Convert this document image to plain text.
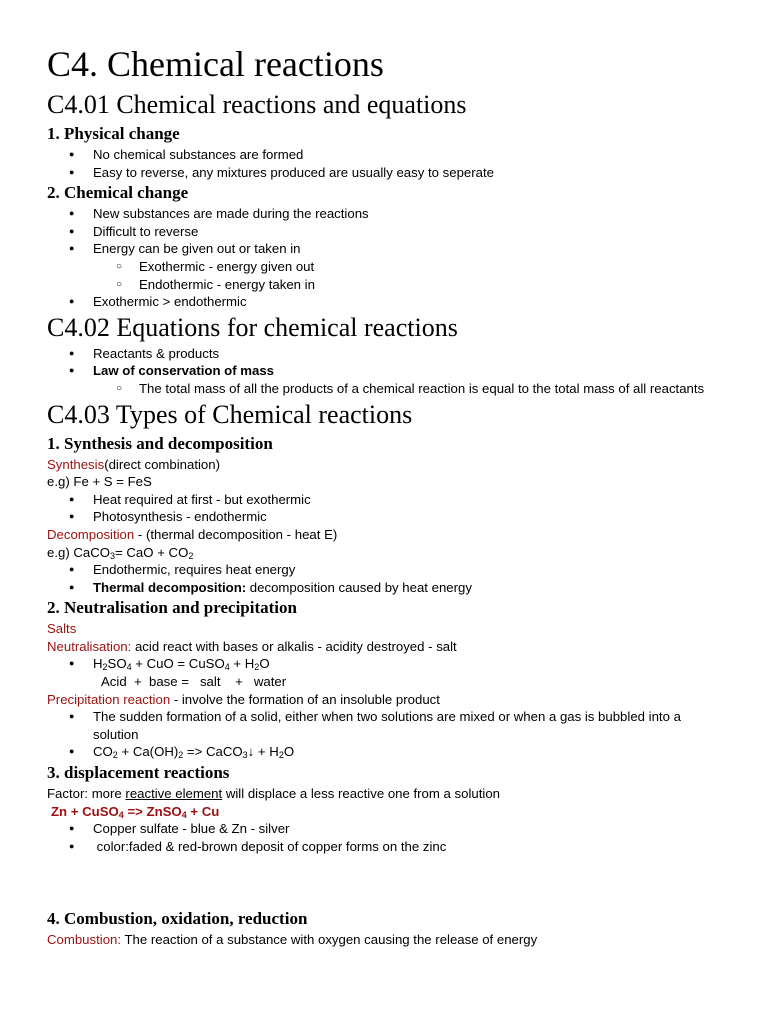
C4. Chemical reactions
C4.01 Chemical reactions and equations
1. Physical change
● No chemical substances are formed
● Easy to reverse, any mixtures produced are usually easy to seperate
2. Chemical change
● New substances are made during the reactions
● Difficult to reverse
● Energy can be given out or taken in
○ Exothermic - energy given out
○ Endothermic - energy taken in
● Exothermic > endothermic
C4.02 Equations for chemical reactions
● Reactants & products
● Law of conservation of mass
○ The total mass of all the products of a chemical reaction is equal to the total mass of all reactants
C4.03 Types of Chemical reactions
1. Synthesis and decomposition

Synthesis(direct combination)

e.g) Fe + S = FeS

● Heat required at first - but exothermic
● Photosynthesis - endothermic

Decomposition - (thermal decomposition - heat E)

e.g) CaCO$_3$= CaO + $CO_2$

● Endothermic, requires heat energy
● Thermal decomposition: decomposition caused by heat energy
2. Neutralisation and precipitation

Salts

Neutralisation: acid react with bases or alkalis - acidity destroyed - salt

● $H_2SO_4$ + CuO = CuSO$_4$ + $H_2O$

Acid  +  base =   salt    +   water

Precipitation reaction - involve the formation of an insoluble product

● The sudden formation of a solid, either when two solutions are mixed or when a gas is bubbled into a solution
● $CO_2 + Ca(OH)_2$ => CaCO$_3$↓ + $H_2O$
3. displacement reactions

Factor: more reactive element will displace a less reactive one from a solution

Zn + CuSO$_4$ => ZnSO$_4$ + Cu

● Copper sulfate - blue & Zn - silver
●  color:faded & red-brown deposit of copper forms on the zinc
4. Combustion, oxidation, reduction

Combustion: The reaction of a substance with oxygen causing the release of energy
